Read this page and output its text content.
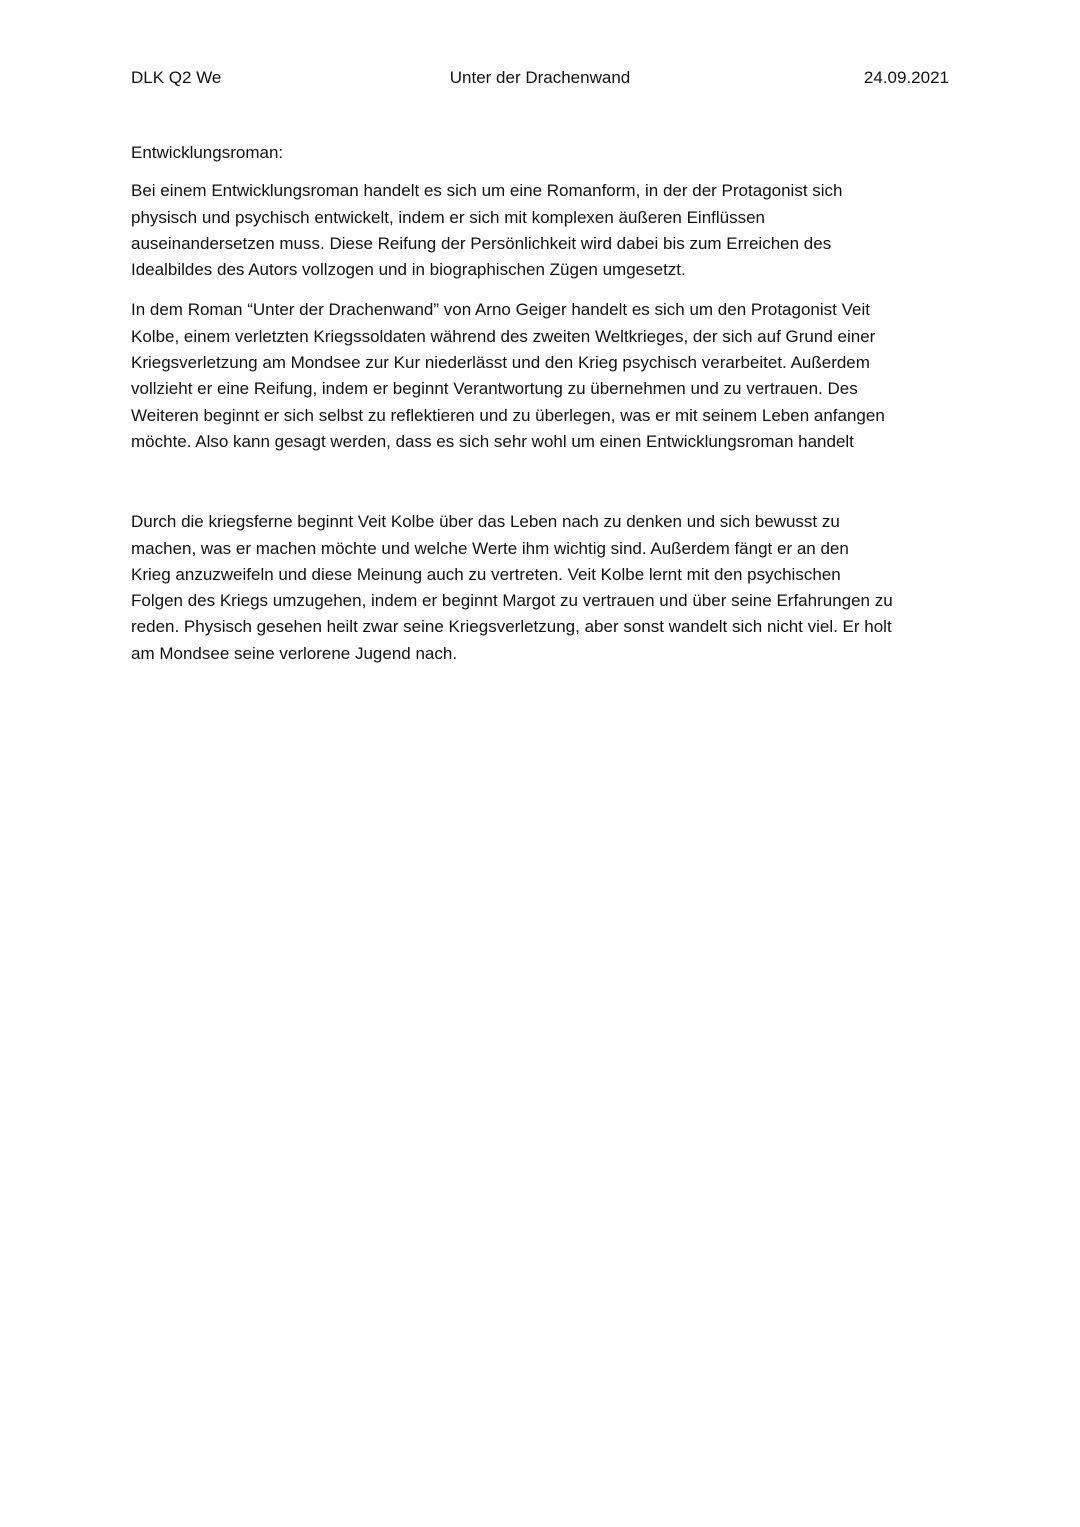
Unter der Drachenwand
DLK Q2 We	24.09.2021

Entwicklungsroman:

Bei einem Entwicklungsroman handelt es sich um eine Romanform, in der der Protagonist sich
physisch und psychisch entwickelt, indem er sich mit komplexen äußeren Einflüssen
auseinandersetzen muss. Diese Reifung der Persönlichkeit wird dabei bis zum Erreichen des
Idealbildes des Autors vollzogen und in biographischen Zügen umgesetzt.

In dem Roman “Unter der Drachenwand” von Arno Geiger handelt es sich um den Protagonist Veit
Kolbe, einem verletzten Kriegssoldaten während des zweiten Weltkrieges, der sich auf Grund einer
Kriegsverletzung am Mondsee zur Kur niederlässt und den Krieg psychisch verarbeitet. Außerdem
vollzieht er eine Reifung, indem er beginnt Verantwortung zu übernehmen und zu vertrauen. Des
Weiteren beginnt er sich selbst zu reflektieren und zu überlegen, was er mit seinem Leben anfangen
möchte. Also kann gesagt werden, dass es sich sehr wohl um einen Entwicklungsroman handelt

Durch die kriegsferne beginnt Veit Kolbe über das Leben nach zu denken und sich bewusst zu
machen, was er machen möchte und welche Werte ihm wichtig sind. Außerdem fängt er an den
Krieg anzuzweifeln und diese Meinung auch zu vertreten. Veit Kolbe lernt mit den psychischen
Folgen des Kriegs umzugehen, indem er beginnt Margot zu vertrauen und über seine Erfahrungen zu
reden. Physisch gesehen heilt zwar seine Kriegsverletzung, aber sonst wandelt sich nicht viel. Er holt
am Mondsee seine verlorene Jugend nach.
